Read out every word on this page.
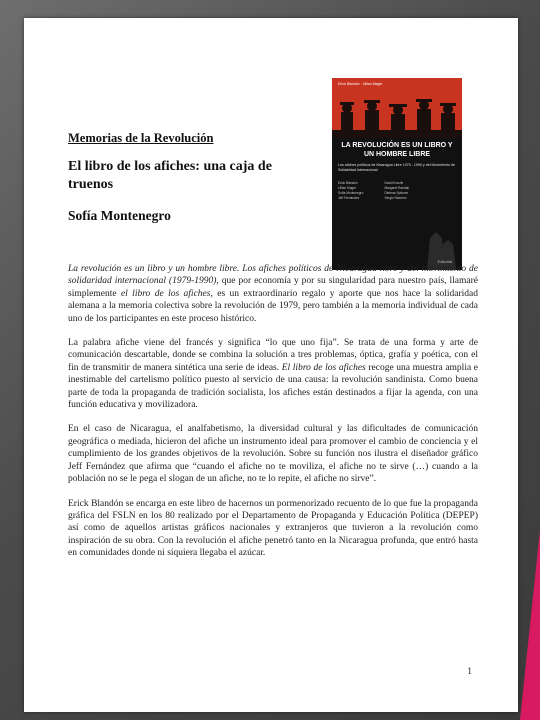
Memorias de la Revolución

El libro de los afiches: una caja de truenos

Sofía Montenegro

Erick Blandón · Lillian Mager
LA REVOLUCIÓN ES UN LIBRO Y UN HOMBRE LIBRE
Los afiches políticos de Nicaragua Libre 1979 - 1990 y del Movimiento de Solidaridad Internacional
Erick Blandón
Lillian Mager
Sofía Montenegro
Jeff Fernández
David Kunzle
Margaret Randall
Dietmar Spitzner
Sergio Ramírez
Editorial

La revolución es un libro y un hombre libre. Los afiches políticos de Nicaragua libre y del movimiento de solidaridad internacional (1979-1990), que por economía y por su singularidad para nuestro país, llamaré simplemente el libro de los afiches, es un extraordinario regalo y aporte que nos hace la solidaridad alemana a la memoria colectiva sobre la revolución de 1979, pero también a la memoria individual de cada uno de los participantes en este proceso histórico.

La palabra afiche viene del francés y significa “lo que uno fija”. Se trata de una forma y arte de comunicación descartable, donde se combina la solución a tres problemas, óptica, grafía y poética, con el fin de transmitir de manera sintética una serie de ideas. El libro de los afiches recoge una muestra amplia e inestimable del cartelismo político puesto al servicio de una causa: la revolución sandinista. Como buena parte de toda la propaganda de tradición socialista, los afiches están destinados a fijar la agenda, con una función educativa y movilizadora.

En el caso de Nicaragua, el analfabetismo, la diversidad cultural y las dificultades de comunicación geográfica o mediada, hicieron del afiche un instrumento ideal para promover el cambio de conciencia y el cumplimiento de los grandes objetivos de la revolución. Sobre su función nos ilustra el diseñador gráfico Jeff Fernández que afirma que “cuando el afiche no te moviliza, el afiche no te sirve (…) cuando a la población no se le pega el slogan de un afiche, no te lo repite, el afiche no sirve”.

Erick Blandón se encarga en este libro de hacernos un pormenorizado recuento de lo que fue la propaganda gráfica del FSLN en los 80 realizado por el Departamento de Propaganda y Educación Política (DEPEP) así como de aquellos artistas gráficos nacionales y extranjeros que tuvieron a la revolución como inspiración de su obra. Con la revolución el afiche penetró tanto en la Nicaragua profunda, que entró hasta en comunidades donde ni siquiera llegaba el azúcar.

1
